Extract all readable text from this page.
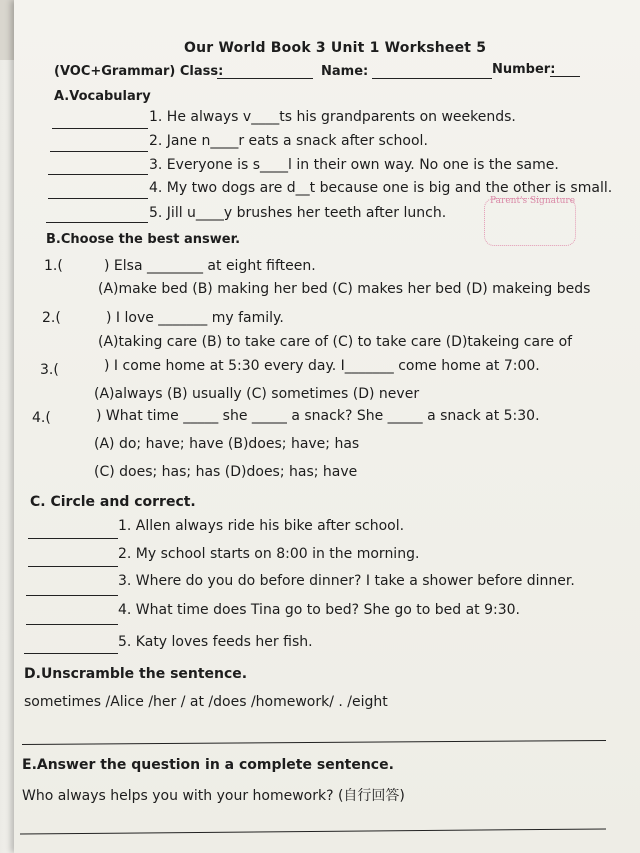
Our World Book 3 Unit 1 Worksheet 5
(VOC+Grammar) Class:	Name:	Number:
A.Vocabulary
1. He always v____ts his grandparents on weekends.
2. Jane n____r eats a snack after school.
3. Everyone is s____l in their own way. No one is the same.
4. My two dogs are d__t because one is big and the other is small.
5. Jill u____y brushes her teeth after lunch.
Parent's Signature
B.Choose the best answer.
1.(	) Elsa ________ at eight fifteen.
(A)make bed (B) making her bed (C) makes her bed (D) makeing beds
2.(	) I love _______ my family.
(A)taking care (B) to take care of (C) to take care (D)takeing care of
3.(	) I come home at 5:30 every day. I_______ come home at 7:00.
(A)always (B) usually (C) sometimes (D) never
4.(	) What time _____ she _____ a snack? She _____ a snack at 5:30.
(A) do; have; have (B)does; have; has
(C) does; has; has (D)does; has; have
C. Circle and correct.
1. Allen always ride his bike after school.
2. My school starts on 8:00 in the morning.
3. Where do you do before dinner? I take a shower before dinner.
4. What time does Tina go to bed? She go to bed at 9:30.
5. Katy loves feeds her fish.
D.Unscramble the sentence.
sometimes /Alice /her / at /does /homework/ . /eight
E.Answer the question in a complete sentence.
Who always helps you with your homework? (自行回答)
